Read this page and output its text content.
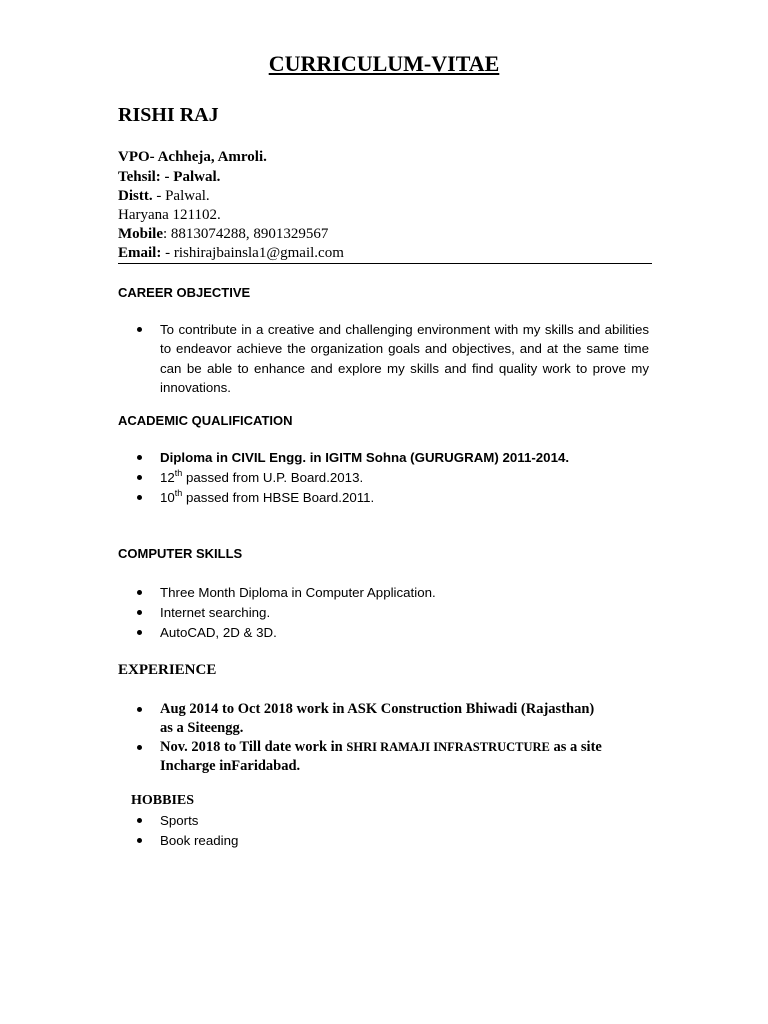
CURRICULUM-VITAE
RISHI RAJ
VPO- Achheja, Amroli.
Tehsil: - Palwal.
Distt. - Palwal.
Haryana 121102.
Mobile: 8813074288, 8901329567
Email: - rishirajbainsla1@gmail.com
CAREER OBJECTIVE
To contribute in a creative and challenging environment with my skills and abilities to endeavor achieve the organization goals and objectives, and at the same time can be able to enhance and explore my skills and find quality work to prove my innovations.
ACADEMIC QUALIFICATION
Diploma in CIVIL Engg. in IGITM Sohna (GURUGRAM) 2011-2014.
12th passed from U.P. Board.2013.
10th passed from HBSE Board.2011.
COMPUTER SKILLS
Three Month Diploma in Computer Application.
Internet searching.
AutoCAD, 2D & 3D.
EXPERIENCE
Aug 2014 to Oct 2018 work in ASK Construction Bhiwadi (Rajasthan)
as a Siteengg.
Nov. 2018 to Till date work in SHRI RAMAJI INFRASTRUCTURE as a site
Incharge inFaridabad.
HOBBIES
Sports
Book reading
